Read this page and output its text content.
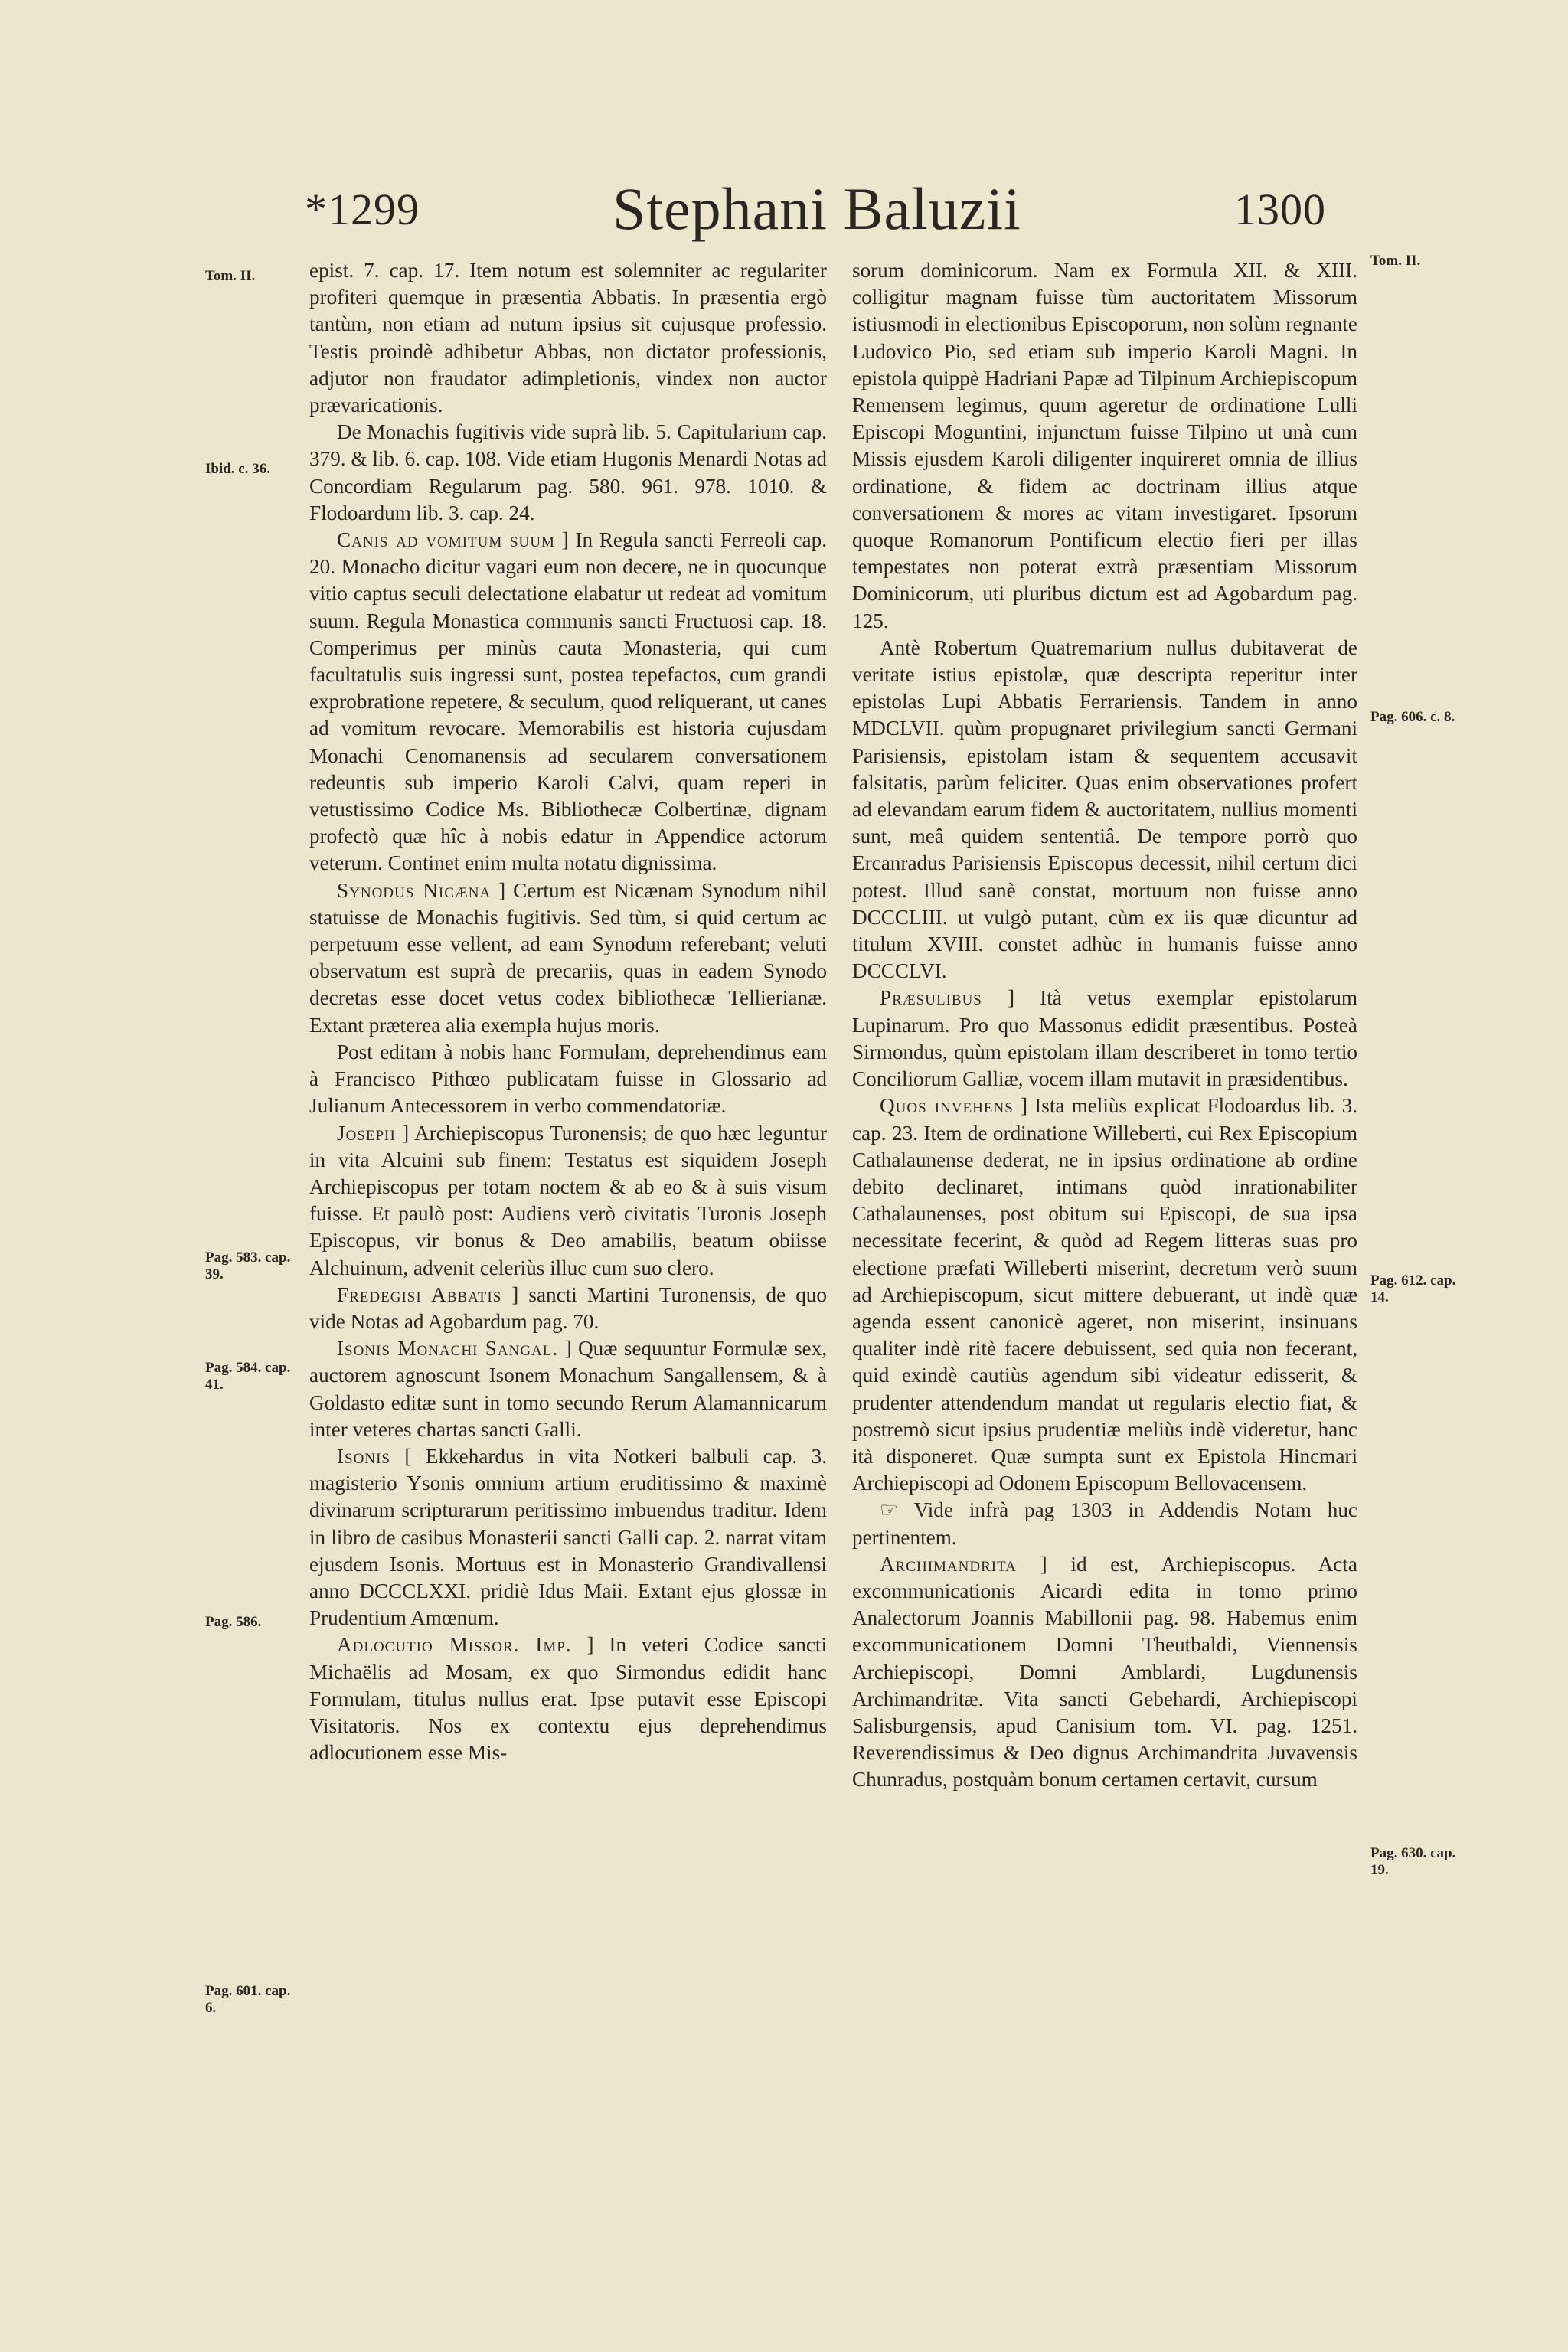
*1299	Stephani Baluzii	1300
Tom. II.
Ibid. c. 36.
Pag. 583. cap. 39.
Pag. 584. cap. 41.
Pag. 586.
Pag. 601. cap. 6.
Tom. II.
Pag. 606. c. 8.
Pag. 612. cap. 14.
Pag. 630. cap. 19.

epist. 7. cap. 17. Item notum est solemniter ac regulariter profiteri quemque in præsentia Abbatis. In præsentia ergò tantùm, non etiam ad nutum ipsius sit cujusque professio. Testis proindè adhibetur Abbas, non dictator professionis, adjutor non fraudator adimpletionis, vindex non auctor prævaricationis.

De Monachis fugitivis vide suprà lib. 5. Capitularium cap. 379. & lib. 6. cap. 108. Vide etiam Hugonis Menardi Notas ad Concordiam Regularum pag. 580. 961. 978. 1010. & Flodoardum lib. 3. cap. 24.

Canis ad vomitum suum ] In Regula sancti Ferreoli cap. 20. Monacho dicitur vagari eum non decere, ne in quocunque vitio captus seculi delectatione elabatur ut redeat ad vomitum suum. Regula Monastica communis sancti Fructuosi cap. 18. Comperimus per minùs cauta Monasteria, qui cum facultatulis suis ingressi sunt, postea tepefactos, cum grandi exprobratione repetere, & seculum, quod reliquerant, ut canes ad vomitum revocare. Memorabilis est historia cujusdam Monachi Cenomanensis ad secularem conversationem redeuntis sub imperio Karoli Calvi, quam reperi in vetustissimo Codice Ms. Bibliothecæ Colbertinæ, dignam profectò quæ hîc à nobis edatur in Appendice actorum veterum. Continet enim multa notatu dignissima.

Synodus Nicæna ] Certum est Nicænam Synodum nihil statuisse de Monachis fugitivis. Sed tùm, si quid certum ac perpetuum esse vellent, ad eam Synodum referebant; veluti observatum est suprà de precariis, quas in eadem Synodo decretas esse docet vetus codex bibliothecæ Tellierianæ. Extant præterea alia exempla hujus moris.

Post editam à nobis hanc Formulam, deprehendimus eam à Francisco Pithœo publicatam fuisse in Glossario ad Julianum Antecessorem in verbo commendatoriæ.

Joseph ] Archiepiscopus Turonensis; de quo hæc leguntur in vita Alcuini sub finem: Testatus est siquidem Joseph Archiepiscopus per totam noctem & ab eo & à suis visum fuisse. Et paulò post: Audiens verò civitatis Turonis Joseph Episcopus, vir bonus & Deo amabilis, beatum obiisse Alchuinum, advenit celeriùs illuc cum suo clero.

Fredegisi Abbatis ] sancti Martini Turonensis, de quo vide Notas ad Agobardum pag. 70.

Isonis Monachi Sangal. ] Quæ sequuntur Formulæ sex, auctorem agnoscunt Isonem Monachum Sangallensem, & à Goldasto editæ sunt in tomo secundo Rerum Alamannicarum inter veteres chartas sancti Galli.

Isonis [ Ekkehardus in vita Notkeri balbuli cap. 3. magisterio Ysonis omnium artium eruditissimo & maximè divinarum scripturarum peritissimo imbuendus traditur. Idem in libro de casibus Monasterii sancti Galli cap. 2. narrat vitam ejusdem Isonis. Mortuus est in Monasterio Grandivallensi anno DCCCLXXI. pridiè Idus Maii. Extant ejus glossæ in Prudentium Amœnum.

Adlocutio Missor. Imp. ] In veteri Codice sancti Michaëlis ad Mosam, ex quo Sirmondus edidit hanc Formulam, titulus nullus erat. Ipse putavit esse Episcopi Visitatoris. Nos ex contextu ejus deprehendimus adlocutionem esse Mis-

sorum dominicorum. Nam ex Formula XII. & XIII. colligitur magnam fuisse tùm auctoritatem Missorum istiusmodi in electionibus Episcoporum, non solùm regnante Ludovico Pio, sed etiam sub imperio Karoli Magni. In epistola quippè Hadriani Papæ ad Tilpinum Archiepiscopum Remensem legimus, quum ageretur de ordinatione Lulli Episcopi Moguntini, injunctum fuisse Tilpino ut unà cum Missis ejusdem Karoli diligenter inquireret omnia de illius ordinatione, & fidem ac doctrinam illius atque conversationem & mores ac vitam investigaret. Ipsorum quoque Romanorum Pontificum electio fieri per illas tempestates non poterat extrà præsentiam Missorum Dominicorum, uti pluribus dictum est ad Agobardum pag. 125.

Antè Robertum Quatremarium nullus dubitaverat de veritate istius epistolæ, quæ descripta reperitur inter epistolas Lupi Abbatis Ferrariensis. Tandem in anno MDCLVII. quùm propugnaret privilegium sancti Germani Parisiensis, epistolam istam & sequentem accusavit falsitatis, parùm feliciter. Quas enim observationes profert ad elevandam earum fidem & auctoritatem, nullius momenti sunt, meâ quidem sententiâ. De tempore porrò quo Ercanradus Parisiensis Episcopus decessit, nihil certum dici potest. Illud sanè constat, mortuum non fuisse anno DCCCLIII. ut vulgò putant, cùm ex iis quæ dicuntur ad titulum XVIII. constet adhùc in humanis fuisse anno DCCCLVI.

Præsulibus ] Ità vetus exemplar epistolarum Lupinarum. Pro quo Massonus edidit præsentibus. Posteà Sirmondus, quùm epistolam illam describeret in tomo tertio Conciliorum Galliæ, vocem illam mutavit in præsidentibus.

Quos invehens ] Ista meliùs explicat Flodoardus lib. 3. cap. 23. Item de ordinatione Willeberti, cui Rex Episcopium Cathalaunense dederat, ne in ipsius ordinatione ab ordine debito declinaret, intimans quòd inrationabiliter Cathalaunenses, post obitum sui Episcopi, de sua ipsa necessitate fecerint, & quòd ad Regem litteras suas pro electione præfati Willeberti miserint, decretum verò suum ad Archiepiscopum, sicut mittere debuerant, ut indè quæ agenda essent canonicè ageret, non miserint, insinuans qualiter indè ritè facere debuissent, sed quia non fecerant, quid exindè cautiùs agendum sibi videatur edisserit, & prudenter attendendum mandat ut regularis electio fiat, & postremò sicut ipsius prudentiæ meliùs indè videretur, hanc ità disponeret. Quæ sumpta sunt ex Epistola Hincmari Archiepiscopi ad Odonem Episcopum Bellovacensem.

☞ Vide infrà pag 1303 in Addendis Notam huc pertinentem.

Archimandrita ] id est, Archiepiscopus. Acta excommunicationis Aicardi edita in tomo primo Analectorum Joannis Mabillonii pag. 98. Habemus enim excommunicationem Domni Theutbaldi, Viennensis Archiepiscopi, Domni Amblardi, Lugdunensis Archimandritæ. Vita sancti Gebehardi, Archiepiscopi Salisburgensis, apud Canisium tom. VI. pag. 1251. Reverendissimus & Deo dignus Archimandrita Juvavensis Chunradus, postquàm bonum certamen certavit, cursum
